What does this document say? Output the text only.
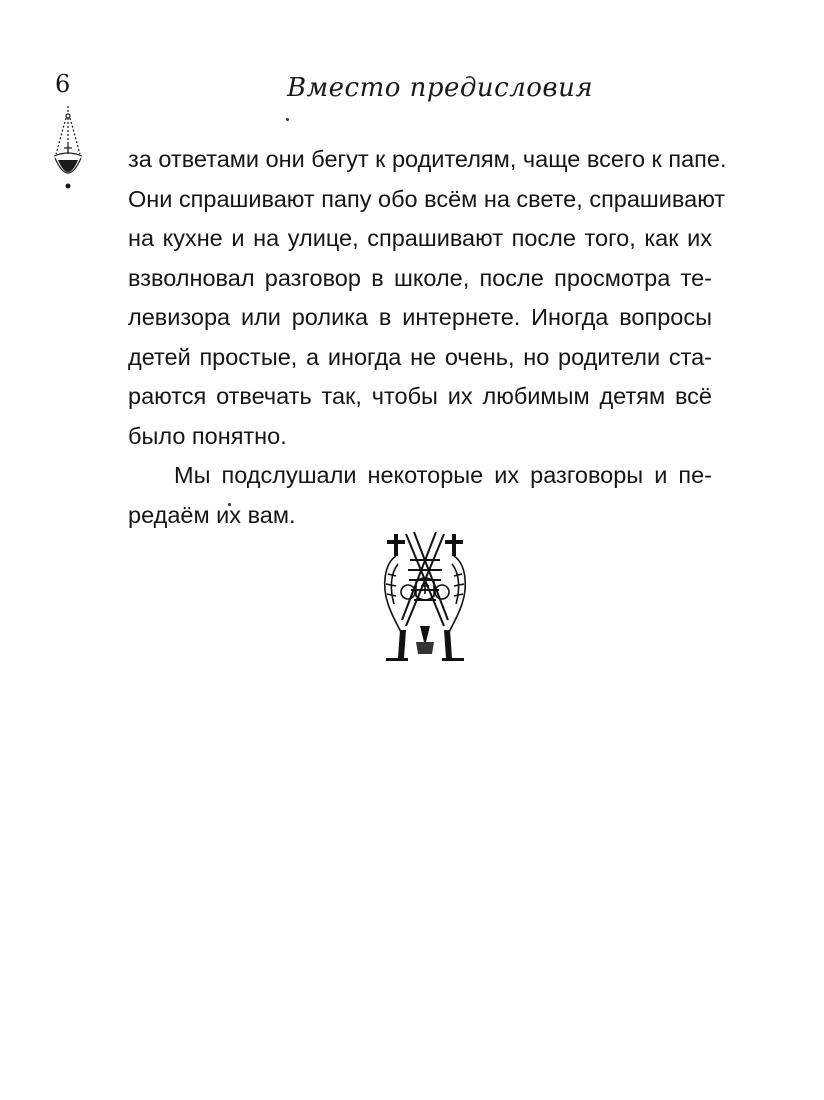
6	Вместо предисловия

за ответами они бегут к родителям, чаще всего к папе.
Они спрашивают папу обо всём на свете, спрашивают
на кухне и на улице, спрашивают после того, как их
взволновал разговор в школе, после просмотра те-
левизора или ролика в интернете. Иногда вопросы
детей простые, а иногда не очень, но родители ста-
раются отвечать так, чтобы их любимым детям всё
было понятно.

Мы подслушали некоторые их разговоры и пе-
редаём их вам.
